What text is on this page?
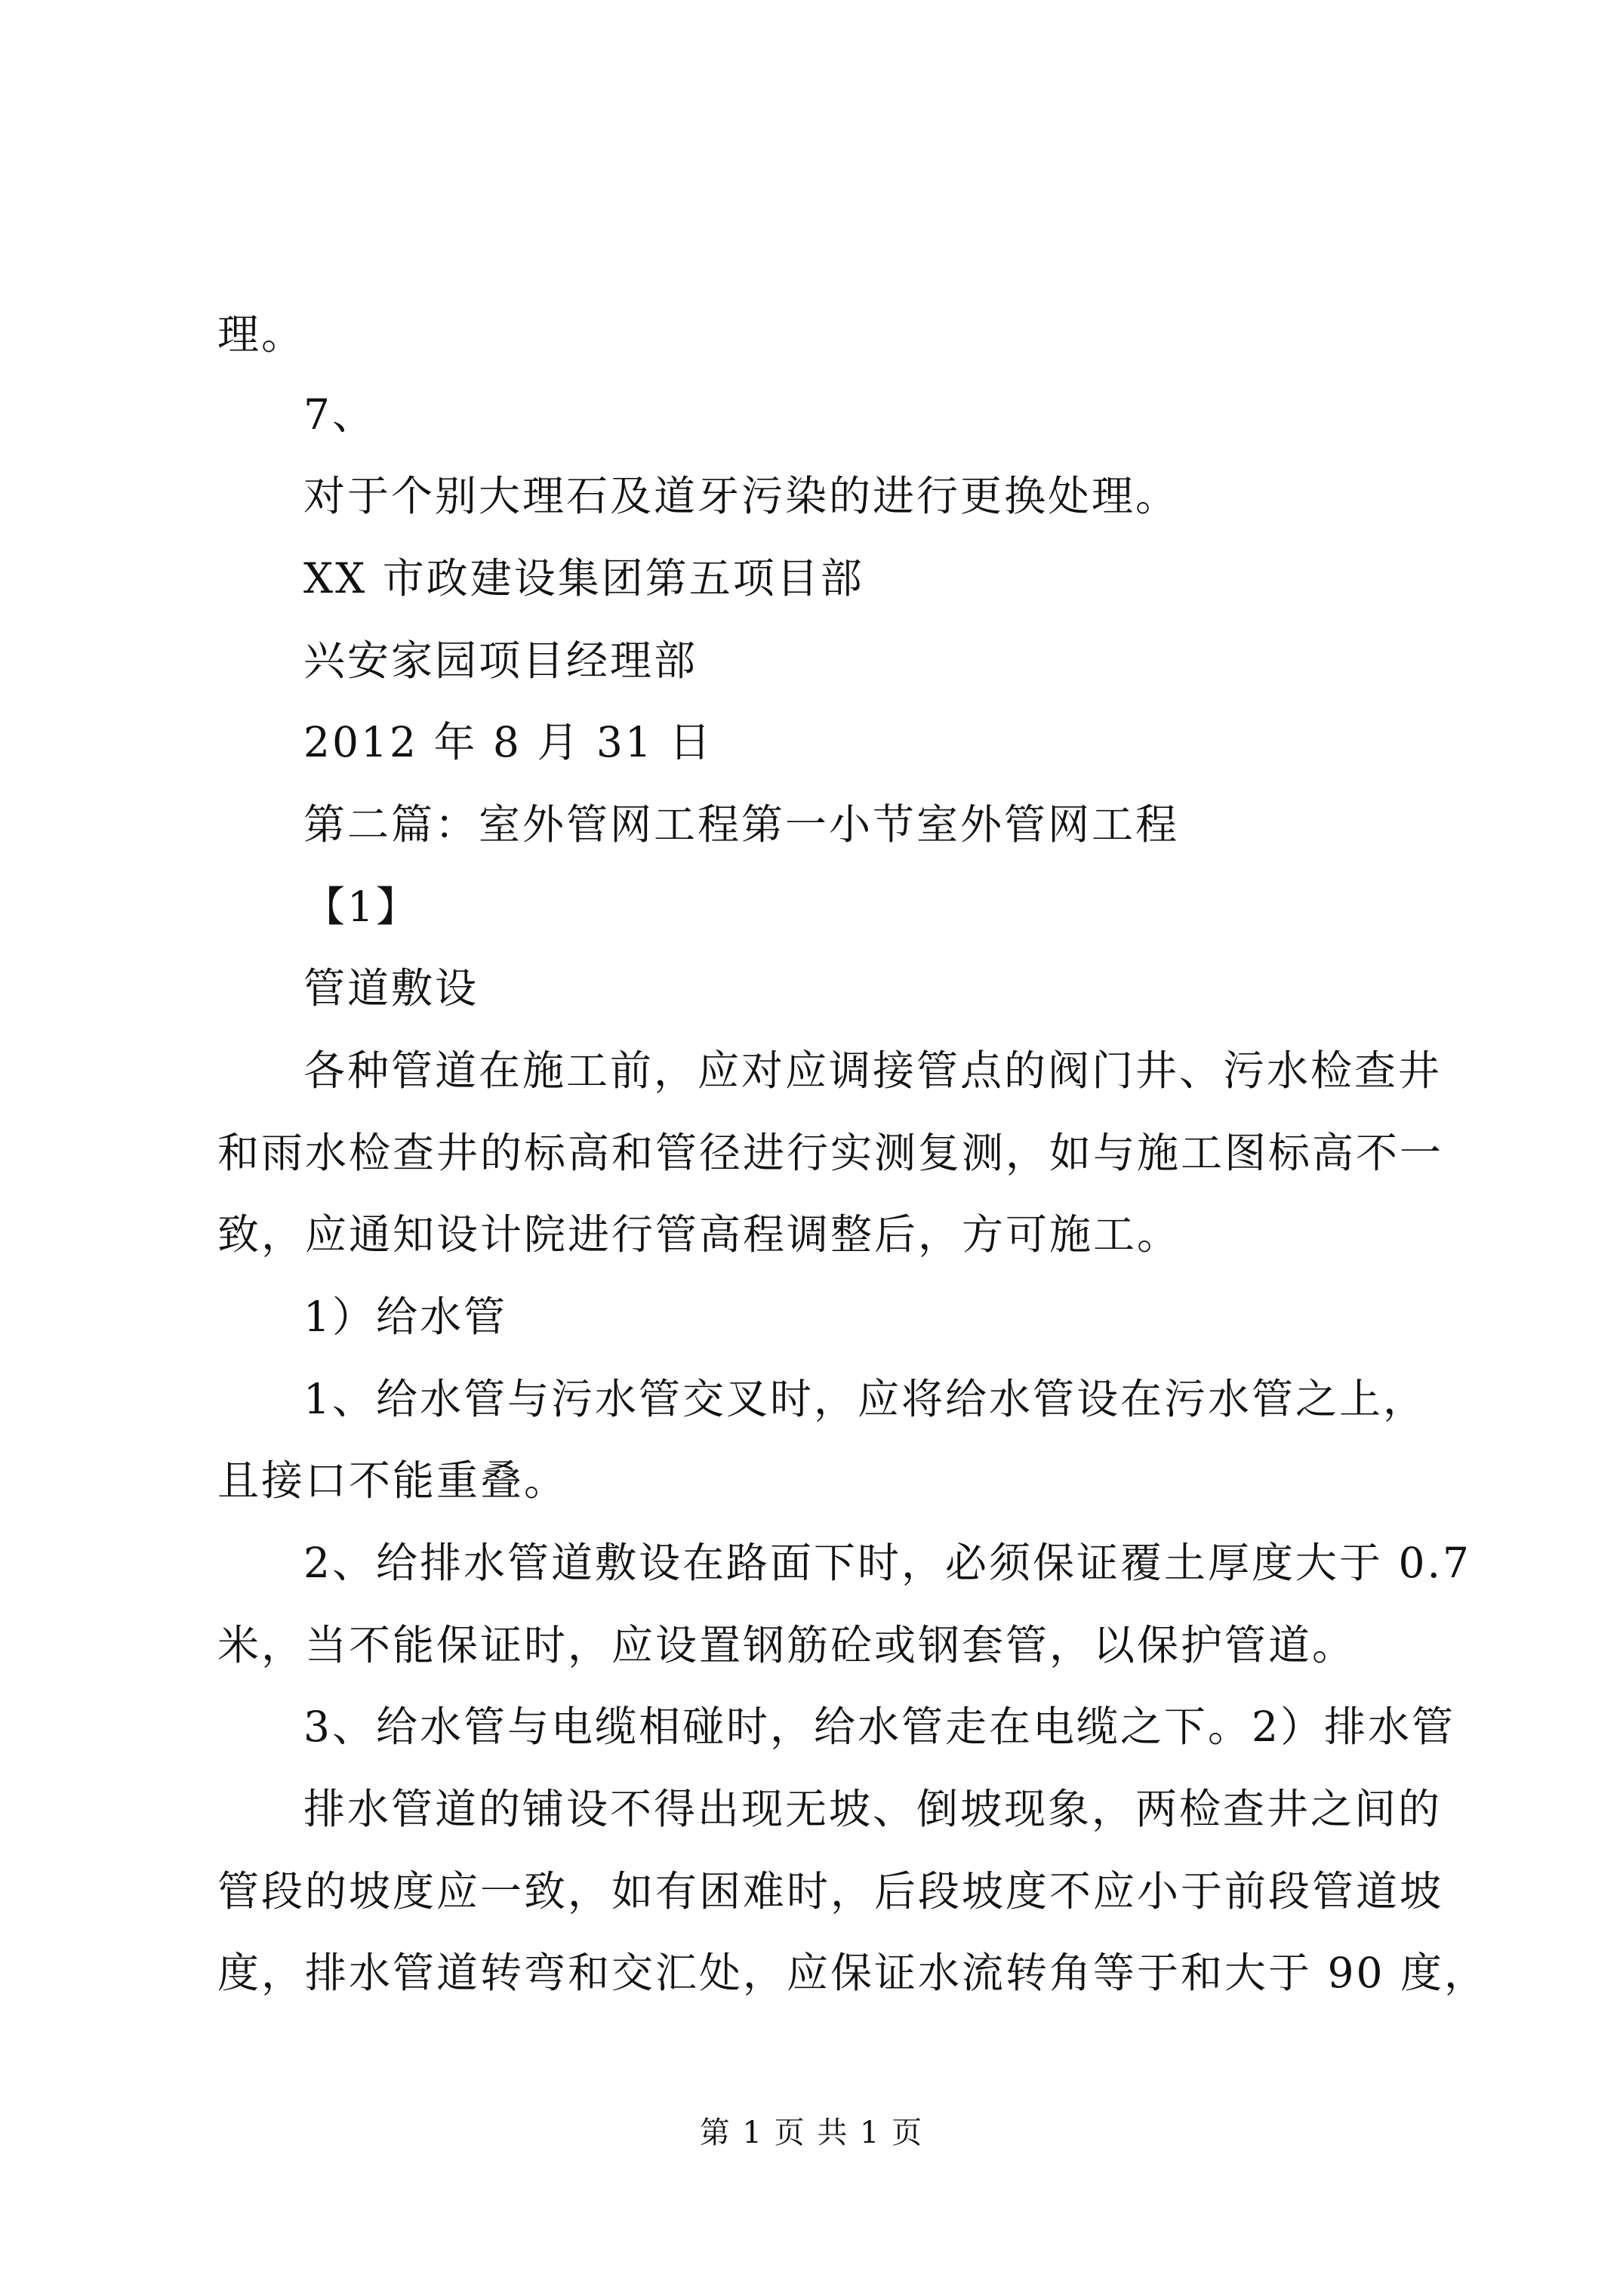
理。
7、
对于个别大理石及道牙污染的进行更换处理。
XX 市政建设集团第五项目部
兴安家园项目经理部
2012 年 8 月 31 日
第二篇：室外管网工程第一小节室外管网工程
【1】
管道敷设
各种管道在施工前，应对应调接管点的阀门井、污水检查井
和雨水检查井的标高和管径进行实测复测，如与施工图标高不一
致，应通知设计院进行管高程调整后，方可施工。
1）给水管
1、给水管与污水管交叉时，应将给水管设在污水管之上，
且接口不能重叠。
2、给排水管道敷设在路面下时，必须保证覆土厚度大于 0.7
米，当不能保证时，应设置钢筋砼或钢套管，以保护管道。
3、给水管与电缆相碰时，给水管走在电缆之下。2）排水管
排水管道的铺设不得出现无坡、倒坡现象，两检查井之间的
管段的坡度应一致，如有困难时，后段坡度不应小于前段管道坡
度，排水管道转弯和交汇处，应保证水流转角等于和大于 90 度，
第 1 页 共 1 页
